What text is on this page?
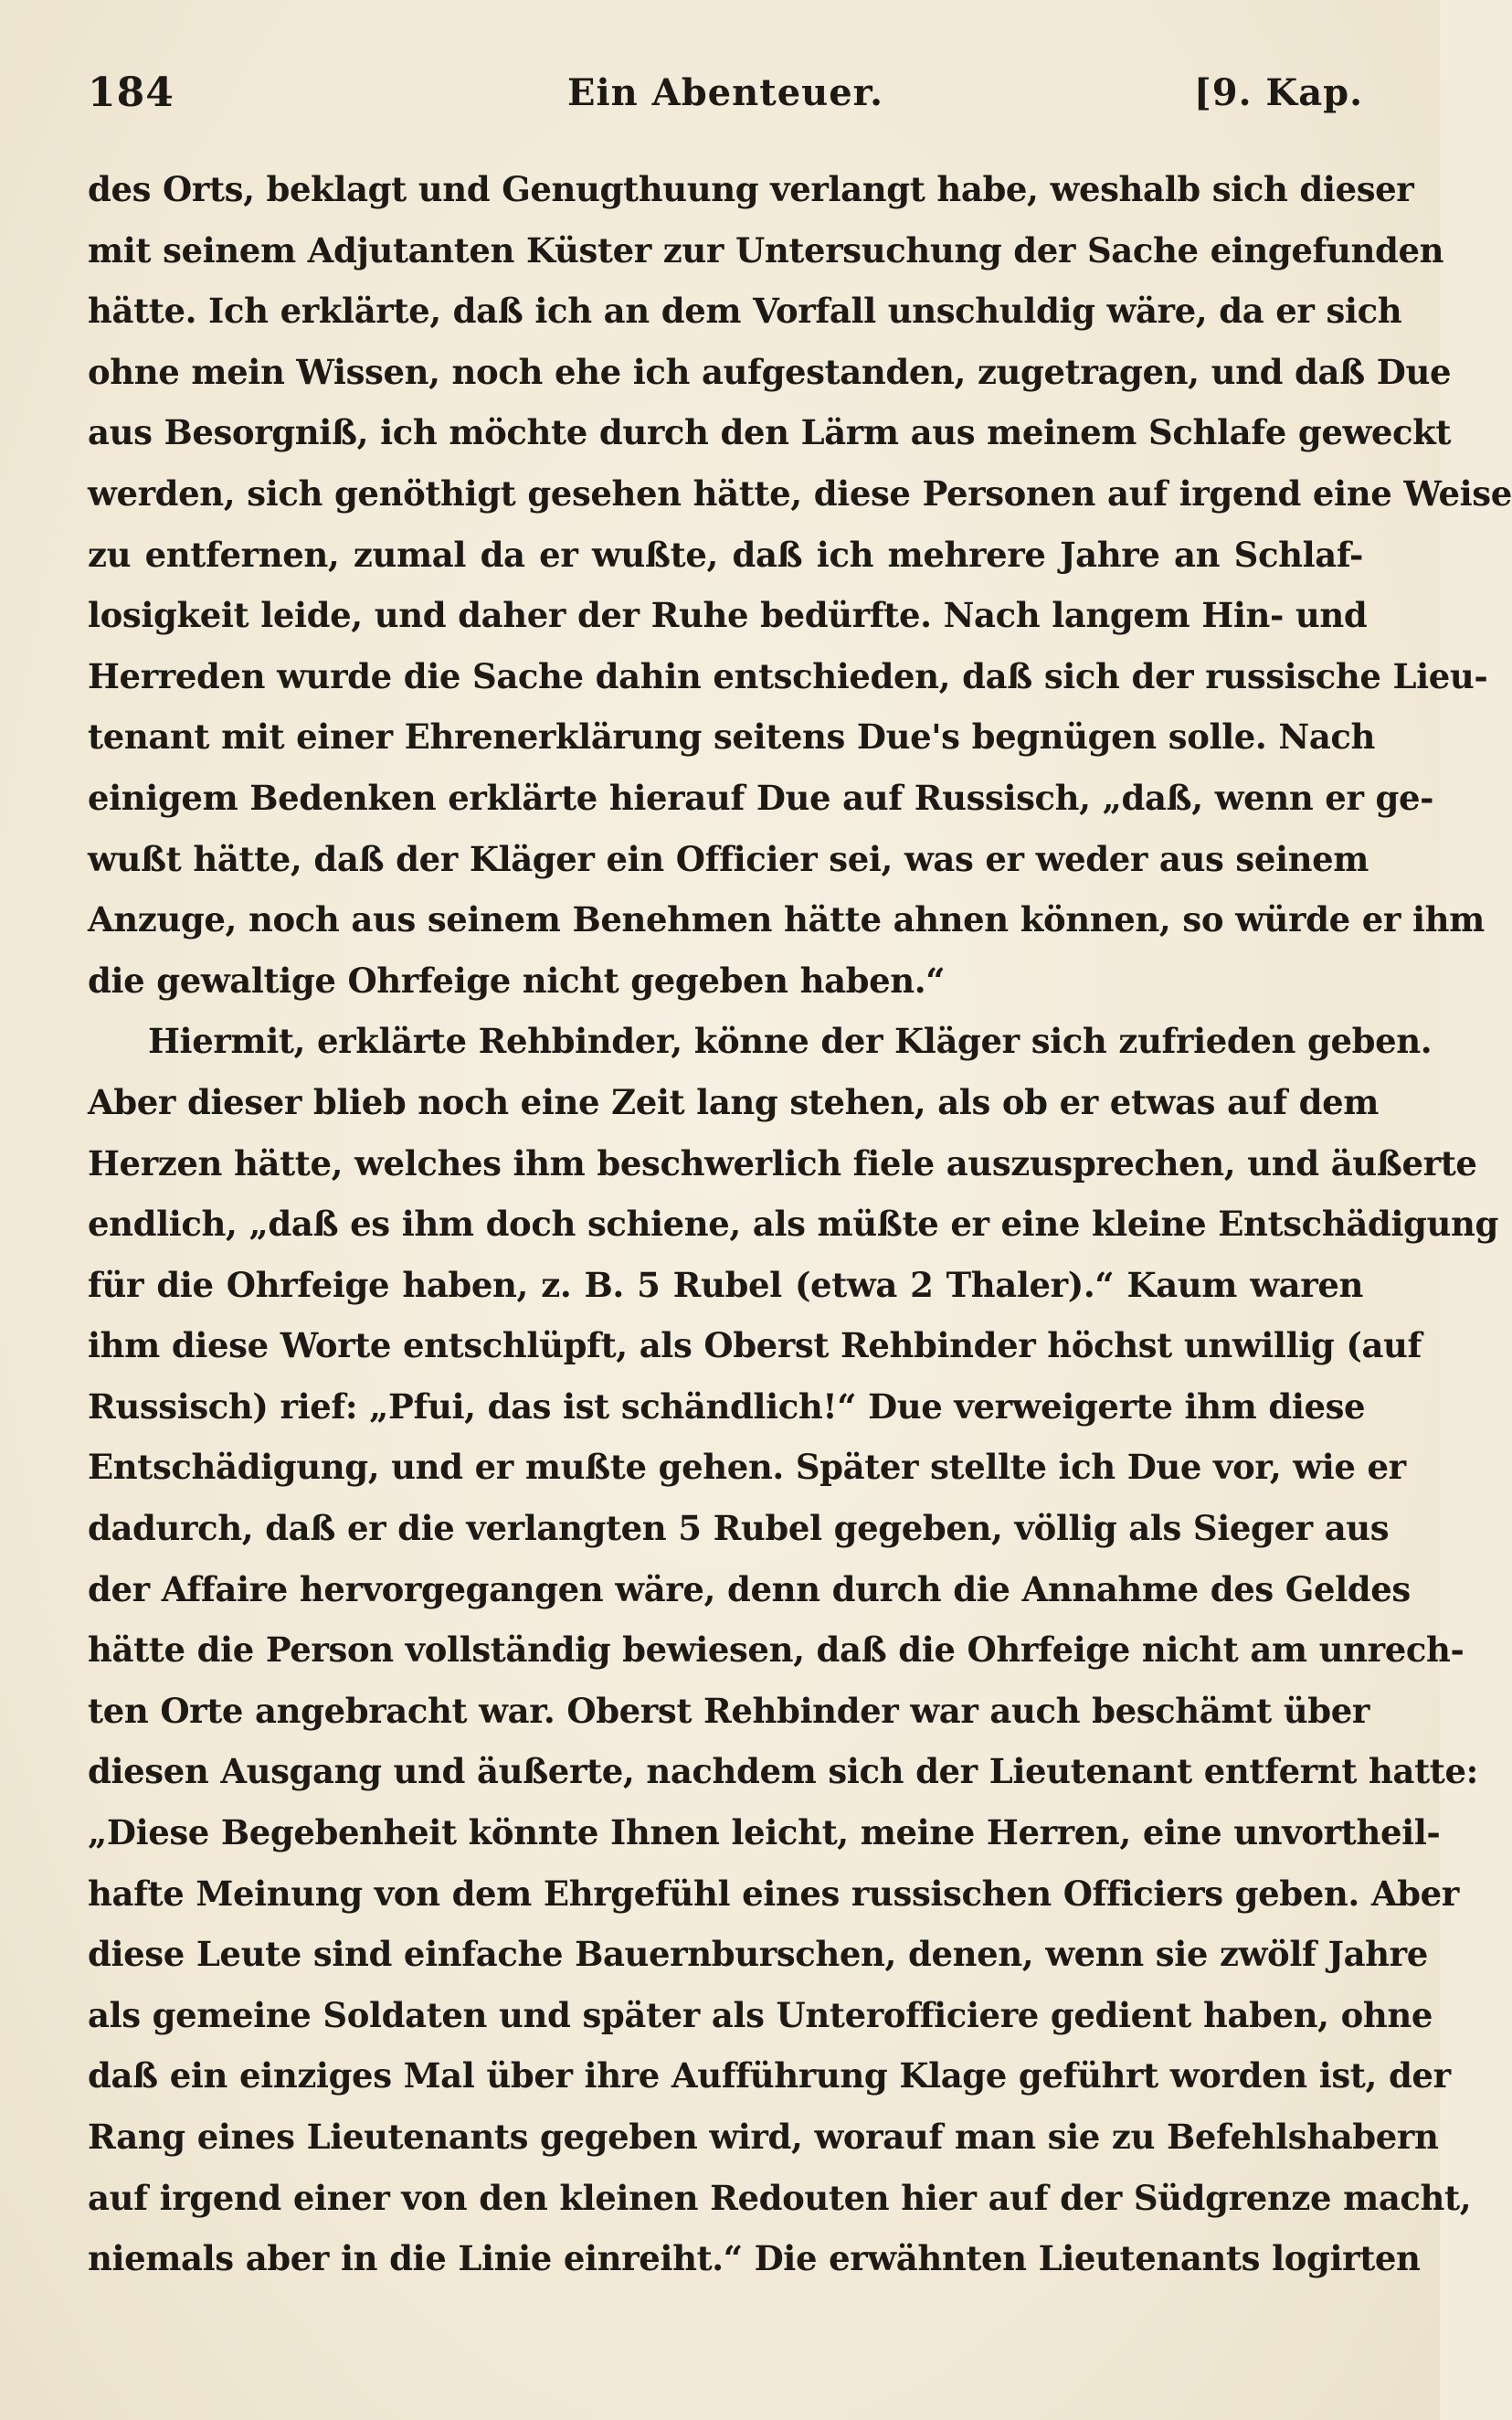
184	Ein Abenteuer.	[9. Kap.
des Orts, beklagt und Genugthuung verlangt habe, weshalb sich dieser
mit seinem Adjutanten Küster zur Untersuchung der Sache eingefunden
hätte. Ich erklärte, daß ich an dem Vorfall unschuldig wäre, da er sich
ohne mein Wissen, noch ehe ich aufgestanden, zugetragen, und daß Due
aus Besorgniß, ich möchte durch den Lärm aus meinem Schlafe geweckt
werden, sich genöthigt gesehen hätte, diese Personen auf irgend eine Weise
zu entfernen, zumal da er wußte, daß ich mehrere Jahre an Schlaf-
losigkeit leide, und daher der Ruhe bedürfte. Nach langem Hin- und
Herreden wurde die Sache dahin entschieden, daß sich der russische Lieu-
tenant mit einer Ehrenerklärung seitens Due's begnügen solle. Nach
einigem Bedenken erklärte hierauf Due auf Russisch, „daß, wenn er ge-
wußt hätte, daß der Kläger ein Officier sei, was er weder aus seinem
Anzuge, noch aus seinem Benehmen hätte ahnen können, so würde er ihm
die gewaltige Ohrfeige nicht gegeben haben.“
Hiermit, erklärte Rehbinder, könne der Kläger sich zufrieden geben.
Aber dieser blieb noch eine Zeit lang stehen, als ob er etwas auf dem
Herzen hätte, welches ihm beschwerlich fiele auszusprechen, und äußerte
endlich, „daß es ihm doch schiene, als müßte er eine kleine Entschädigung
für die Ohrfeige haben, z. B. 5 Rubel (etwa 2 Thaler).“ Kaum waren
ihm diese Worte entschlüpft, als Oberst Rehbinder höchst unwillig (auf
Russisch) rief: „Pfui, das ist schändlich!“ Due verweigerte ihm diese
Entschädigung, und er mußte gehen. Später stellte ich Due vor, wie er
dadurch, daß er die verlangten 5 Rubel gegeben, völlig als Sieger aus
der Affaire hervorgegangen wäre, denn durch die Annahme des Geldes
hätte die Person vollständig bewiesen, daß die Ohrfeige nicht am unrech-
ten Orte angebracht war. Oberst Rehbinder war auch beschämt über
diesen Ausgang und äußerte, nachdem sich der Lieutenant entfernt hatte:
„Diese Begebenheit könnte Ihnen leicht, meine Herren, eine unvortheil-
hafte Meinung von dem Ehrgefühl eines russischen Officiers geben. Aber
diese Leute sind einfache Bauernburschen, denen, wenn sie zwölf Jahre
als gemeine Soldaten und später als Unterofficiere gedient haben, ohne
daß ein einziges Mal über ihre Aufführung Klage geführt worden ist, der
Rang eines Lieutenants gegeben wird, worauf man sie zu Befehlshabern
auf irgend einer von den kleinen Redouten hier auf der Südgrenze macht,
niemals aber in die Linie einreiht.“ Die erwähnten Lieutenants logirten
